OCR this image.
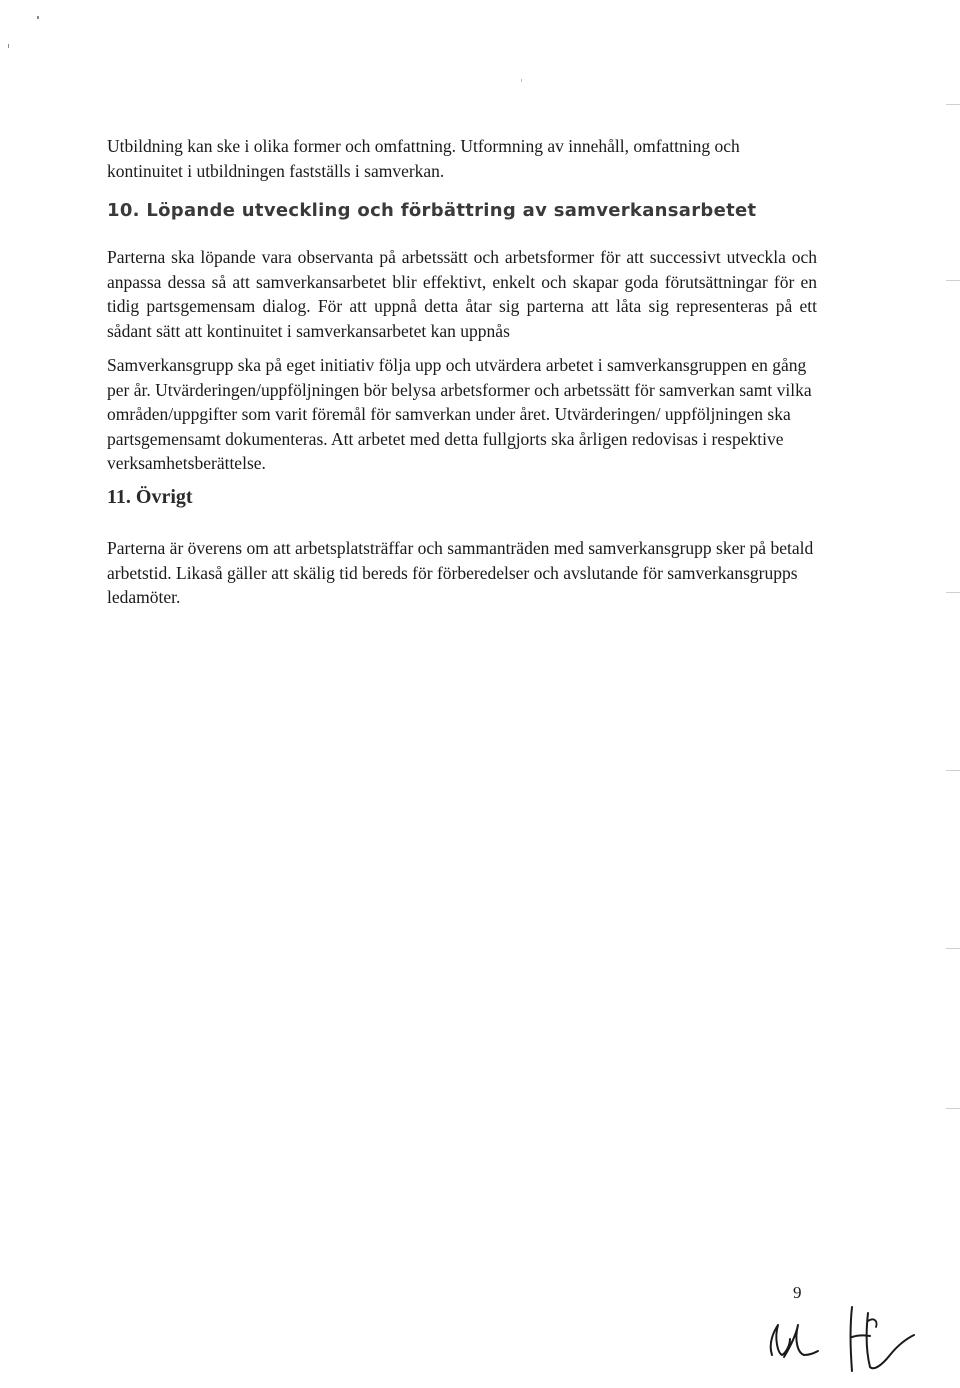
Utbildning kan ske i olika former och omfattning. Utformning av innehåll, omfattning och kontinuitet i utbildningen fastställs i samverkan.

10. Löpande utveckling och förbättring av samverkansarbetet

Parterna ska löpande vara observanta på arbetssätt och arbetsformer för att successivt utveckla och anpassa dessa så att samverkansarbetet blir effektivt, enkelt och skapar goda förutsättningar för en tidig partsgemensam dialog. För att uppnå detta åtar sig parterna att låta sig representeras på ett sådant sätt att kontinuitet i samverkansarbetet kan uppnås

Samverkansgrupp ska på eget initiativ följa upp och utvärdera arbetet i samverkansgruppen en gång per år. Utvärderingen/uppföljningen bör belysa arbetsformer och arbetssätt för samverkan samt vilka områden/uppgifter som varit föremål för samverkan under året. Utvärderingen/ uppföljningen ska partsgemensamt dokumenteras. Att arbetet med detta fullgjorts ska årligen redovisas i respektive verksamhetsberättelse.

11. Övrigt

Parterna är överens om att arbetsplatsträffar och sammanträden med samverkansgrupp sker på betald arbetstid. Likaså gäller att skälig tid bereds för förberedelser och avslutande för samverkansgrupps ledamöter.

9
